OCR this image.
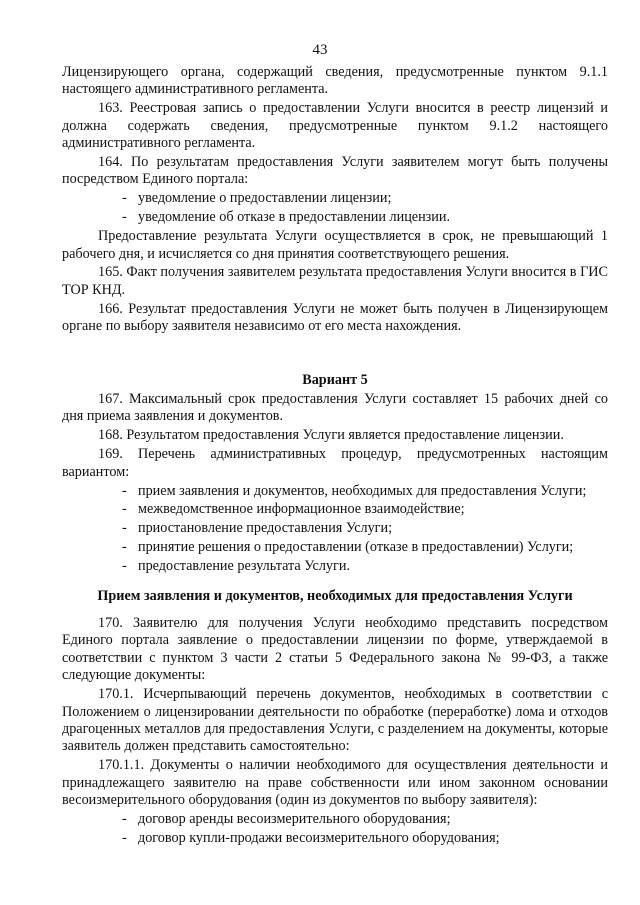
43

Лицензирующего органа, содержащий сведения, предусмотренные пунктом 9.1.1 настоящего административного регламента.

163. Реестровая запись о предоставлении Услуги вносится в реестр лицензий и должна содержать сведения, предусмотренные пунктом 9.1.2 настоящего административного регламента.

164. По результатам предоставления Услуги заявителем могут быть получены посредством Единого портала:

- уведомление о предоставлении лицензии;
- уведомление об отказе в предоставлении лицензии.

Предоставление результата Услуги осуществляется в срок, не превышающий 1 рабочего дня, и исчисляется со дня принятия соответствующего решения.

165. Факт получения заявителем результата предоставления Услуги вносится в ГИС ТОР КНД.

166. Результат предоставления Услуги не может быть получен в Лицензирующем органе по выбору заявителя независимо от его места нахождения.

Вариант 5

167. Максимальный срок предоставления Услуги составляет 15 рабочих дней со дня приема заявления и документов.

168. Результатом предоставления Услуги является предоставление лицензии.

169. Перечень административных процедур, предусмотренных настоящим вариантом:

- прием заявления и документов, необходимых для предоставления Услуги;
- межведомственное информационное взаимодействие;
- приостановление предоставления Услуги;
- принятие решения о предоставлении (отказе в предоставлении) Услуги;
- предоставление результата Услуги.
Прием заявления и документов, необходимых для предоставления Услуги

170. Заявителю для получения Услуги необходимо представить посредством Единого портала заявление о предоставлении лицензии по форме, утверждаемой в соответствии с пунктом 3 части 2 статьи 5 Федерального закона № 99-ФЗ, а также следующие документы:

170.1. Исчерпывающий перечень документов, необходимых в соответствии с Положением о лицензировании деятельности по обработке (переработке) лома и отходов драгоценных металлов для предоставления Услуги, с разделением на документы, которые заявитель должен представить самостоятельно:

170.1.1. Документы о наличии необходимого для осуществления деятельности и принадлежащего заявителю на праве собственности или ином законном основании весоизмерительного оборудования (один из документов по выбору заявителя):

- договор аренды весоизмерительного оборудования;
- договор купли-продажи весоизмерительного оборудования;
